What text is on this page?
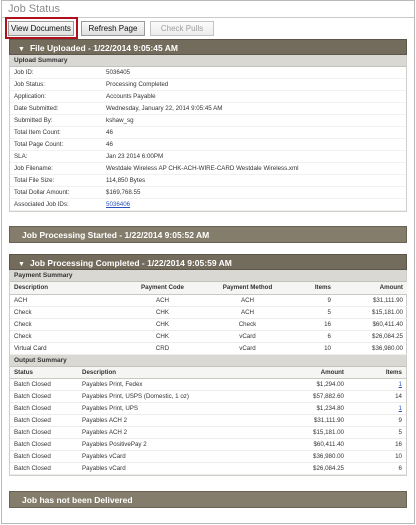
Job Status
View Documents	Refresh Page	Check Pulls
▼ File Uploaded - 1/22/2014 9:05:45 AM
Upload Summary
Job ID:	5036405
Job Status:	Processing Completed
Application:	Accounts Payable
Date Submitted:	Wednesday, January 22, 2014 9:05:45 AM
Submitted By:	kshaw_sg
Total Item Count:	46
Total Page Count:	46
SLA:	Jan 23 2014 6:00PM
Job Filename:	Westdale Wireless AP CHK-ACH-WIRE-CARD Westdale Wireless.xml
Total File Size:	114,850 Bytes
Total Dollar Amount:	$169,768.55
Associated Job IDs:	5036406
Job Processing Started - 1/22/2014 9:05:52 AM
▼ Job Processing Completed - 1/22/2014 9:05:59 AM
Payment Summary
Description	Payment Code	Payment Method	Items	Amount
ACH	ACH	ACH	9	$31,111.90
Check	CHK	ACH	5	$15,181.00
Check	CHK	Check	16	$60,411.40
Check	CHK	vCard	6	$26,084.25
Virtual Card	CRD	vCard	10	$36,980.00
Output Summary
Status	Description	Amount	Items
Batch Closed	Payables Print, Fedex	$1,294.00	1
Batch Closed	Payables Print, USPS (Domestic, 1 oz)	$57,882.60	14
Batch Closed	Payables Print, UPS	$1,234.80	1
Batch Closed	Payables ACH 2	$31,111.90	9
Batch Closed	Payables ACH 2	$15,181.00	5
Batch Closed	Payables PositivePay 2	$60,411.40	16
Batch Closed	Payables vCard	$36,980.00	10
Batch Closed	Payables vCard	$26,084.25	6
Job has not been Delivered
